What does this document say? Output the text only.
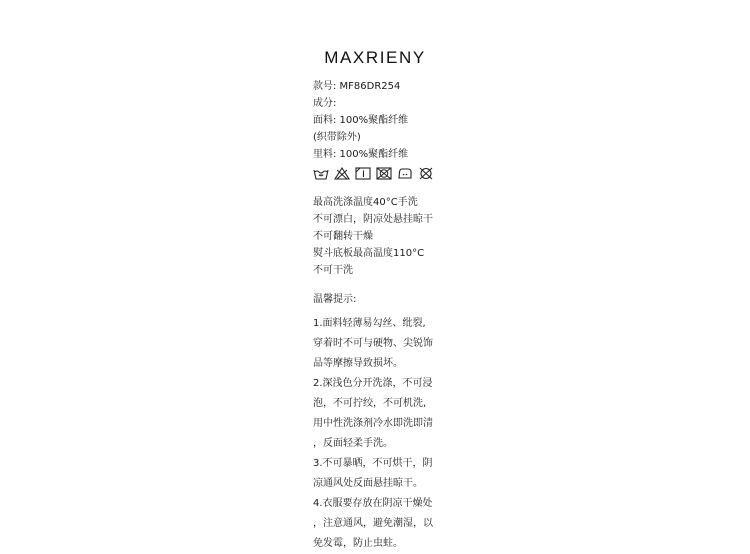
MAXRIENY
款号: MF86DR254
成分:
面料: 100%聚酯纤维
(织带除外)
里料: 100%聚酯纤维
最高洗涤温度40°C手洗
不可漂白，阴凉处悬挂晾干
不可翻转干燥
熨斗底板最高温度110°C
不可干洗
温馨提示:
1.面料轻薄易勾丝、纰裂,
穿着时不可与硬物、尖锐饰
品等摩擦导致损坏。
2.深浅色分开洗涤，不可浸
泡，不可拧绞，不可机洗,
用中性洗涤剂冷水即洗即清
，反面轻柔手洗。
3.不可暴晒，不可烘干，阴
凉通风处反面悬挂晾干。
4.衣服要存放在阴凉干燥处
，注意通风，避免潮湿，以
免发霉，防止虫蛀。
